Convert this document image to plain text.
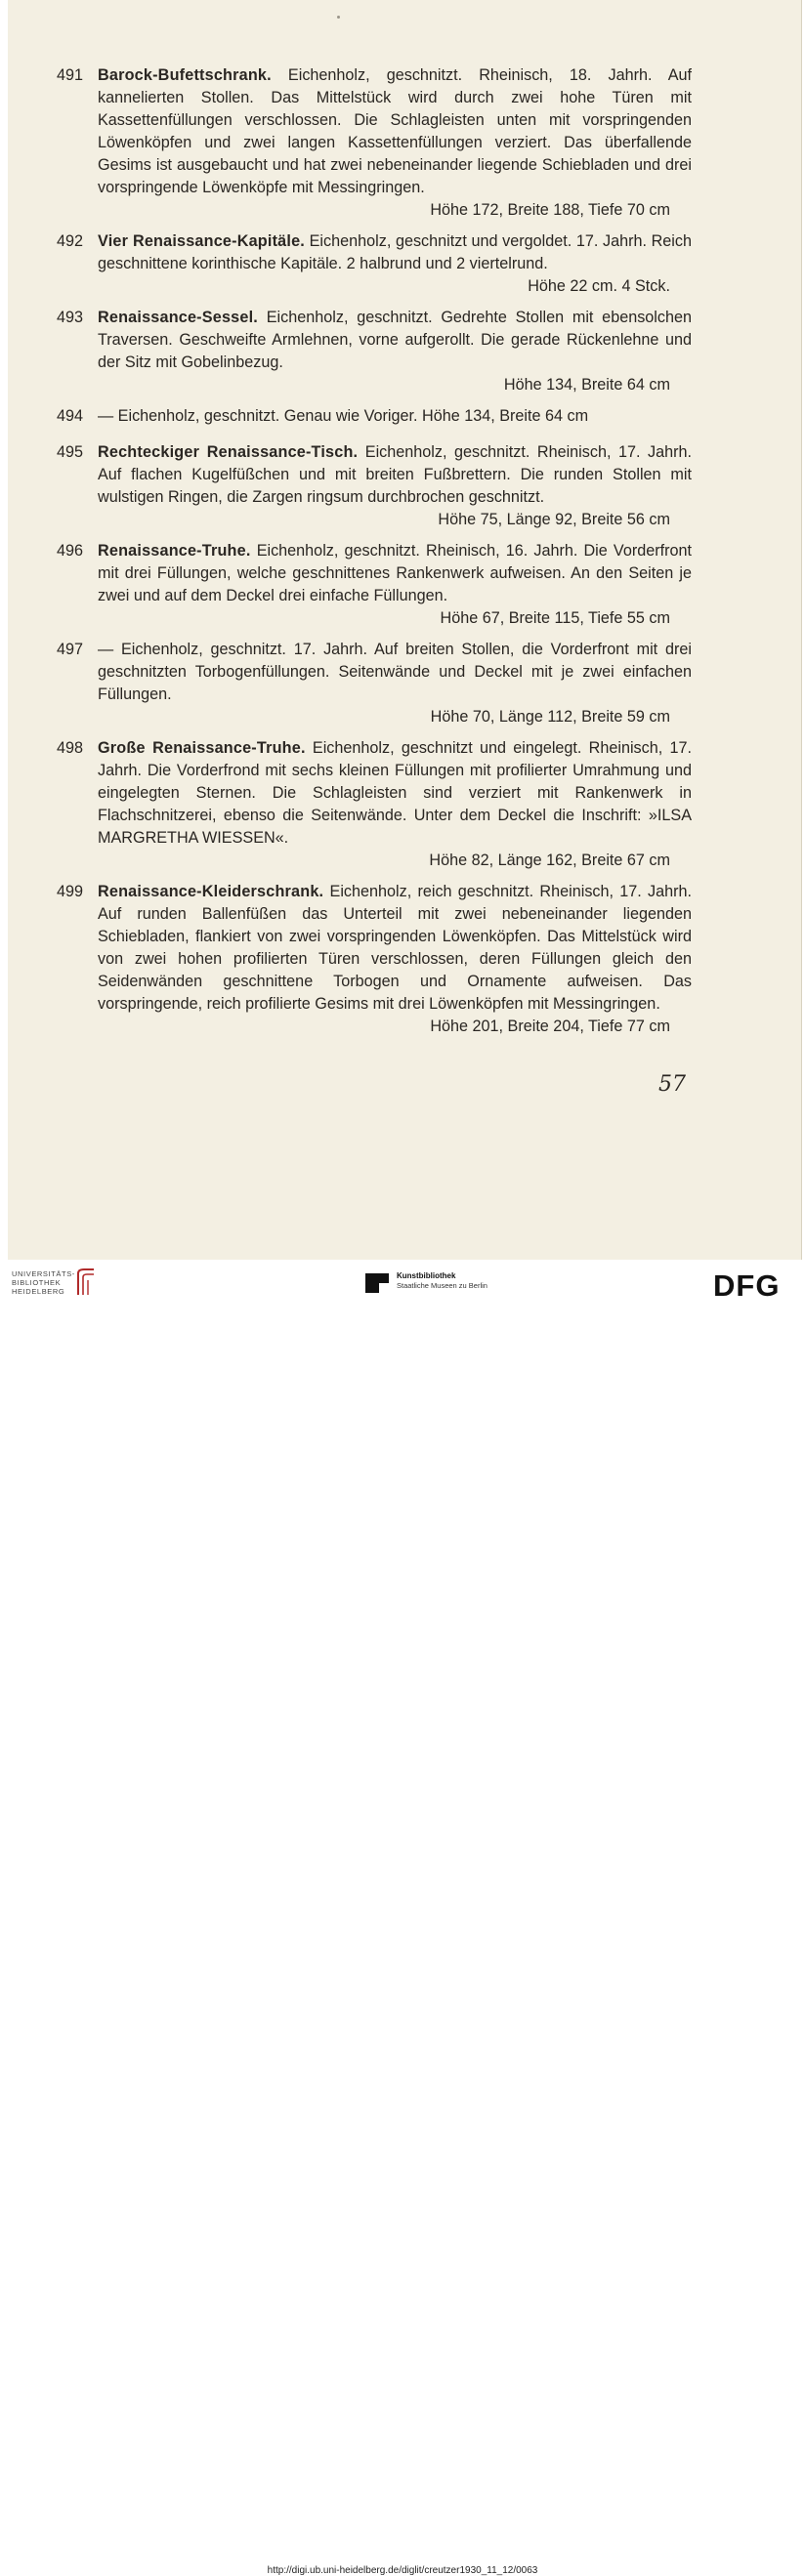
491 Barock-Bufettschrank. Eichenholz, geschnitzt. Rheinisch, 18. Jahrh. Auf kannelierten Stollen. Das Mittelstück wird durch zwei hohe Türen mit Kassettenfüllungen verschlossen. Die Schlagleisten unten mit vorspringenden Löwenköpfen und zwei langen Kassettenfüllungen verziert. Das überfallende Gesims ist ausgebaucht und hat zwei nebeneinander liegende Schiebladen und drei vorspringende Löwenköpfe mit Messingringen.
Höhe 172, Breite 188, Tiefe 70 cm

492 Vier Renaissance-Kapitäle. Eichenholz, geschnitzt und vergoldet. 17. Jahrh. Reich geschnittene korinthische Kapitäle. 2 halbrund und 2 viertelrund.
Höhe 22 cm. 4 Stck.

493 Renaissance-Sessel. Eichenholz, geschnitzt. Gedrehte Stollen mit ebensolchen Traversen. Geschweifte Armlehnen, vorne aufgerollt. Die gerade Rückenlehne und der Sitz mit Gobelinbezug.
Höhe 134, Breite 64 cm

494 — Eichenholz, geschnitzt. Genau wie Voriger. Höhe 134, Breite 64 cm

495 Rechteckiger Renaissance-Tisch. Eichenholz, geschnitzt. Rheinisch, 17. Jahrh. Auf flachen Kugelfüßchen und mit breiten Fußbrettern. Die runden Stollen mit wulstigen Ringen, die Zargen ringsum durchbrochen geschnitzt.
Höhe 75, Länge 92, Breite 56 cm

496 Renaissance-Truhe. Eichenholz, geschnitzt. Rheinisch, 16. Jahrh. Die Vorderfront mit drei Füllungen, welche geschnittenes Rankenwerk aufweisen. An den Seiten je zwei und auf dem Deckel drei einfache Füllungen.
Höhe 67, Breite 115, Tiefe 55 cm

497 — Eichenholz, geschnitzt. 17. Jahrh. Auf breiten Stollen, die Vorderfront mit drei geschnitzten Torbogenfüllungen. Seitenwände und Deckel mit je zwei einfachen Füllungen.
Höhe 70, Länge 112, Breite 59 cm

498 Große Renaissance-Truhe. Eichenholz, geschnitzt und eingelegt. Rheinisch, 17. Jahrh. Die Vorderfrond mit sechs kleinen Füllungen mit profilierter Umrahmung und eingelegten Sternen. Die Schlagleisten sind verziert mit Rankenwerk in Flachschnitzerei, ebenso die Seitenwände. Unter dem Deckel die Inschrift: »ILSA MARGRETHA WIESSEN«.
Höhe 82, Länge 162, Breite 67 cm

499 Renaissance-Kleiderschrank. Eichenholz, reich geschnitzt. Rheinisch, 17. Jahrh. Auf runden Ballenfüßen das Unterteil mit zwei nebeneinander liegenden Schiebladen, flankiert von zwei vorspringenden Löwenköpfen. Das Mittelstück wird von zwei hohen profilierten Türen verschlossen, deren Füllungen gleich den Seidenwänden geschnittene Torbogen und Ornamente aufweisen. Das vorspringende, reich profilierte Gesims mit drei Löwenköpfen mit Messingringen.
Höhe 201, Breite 204, Tiefe 77 cm

57
UNIVERSITÄTS-
BIBLIOTHEK
HEIDELBERG
Kunstbibliothek
Staatliche Museen zu Berlin	DFG
http://digi.ub.uni-heidelberg.de/diglit/creutzer1930_11_12/0063
